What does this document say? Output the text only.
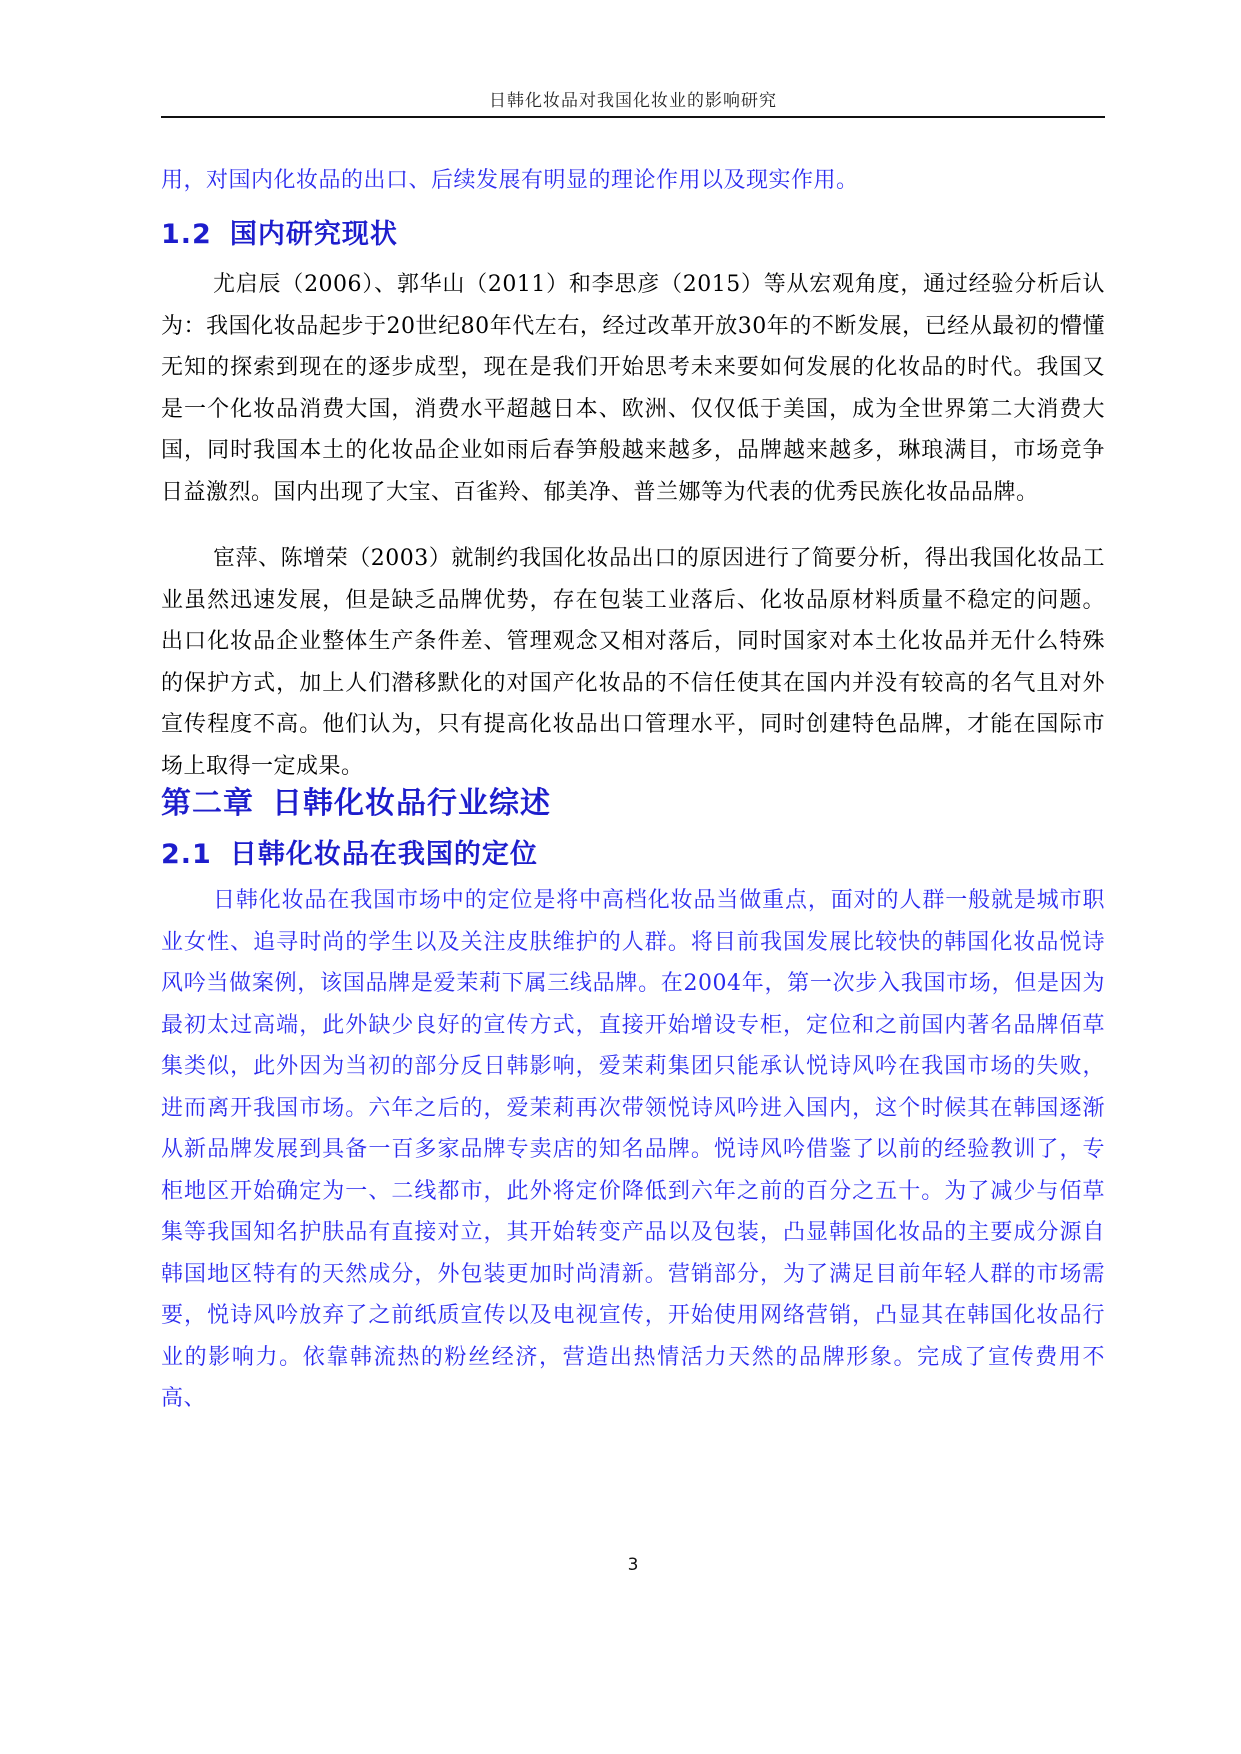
日韩化妆品对我国化妆业的影响研究

用，对国内化妆品的出口、后续发展有明显的理论作用以及现实作用。

1.2 国内研究现状

尤启辰（2006）、郭华山（2011）和李思彦（2015）等从宏观角度，通过经验分析后认为：我国化妆品起步于20世纪80年代左右，经过改革开放30年的不断发展，已经从最初的懵懂无知的探索到现在的逐步成型，现在是我们开始思考未来要如何发展的化妆品的时代。我国又是一个化妆品消费大国，消费水平超越日本、欧洲、仅仅低于美国，成为全世界第二大消费大国，同时我国本土的化妆品企业如雨后春笋般越来越多，品牌越来越多，琳琅满目，市场竞争日益激烈。国内出现了大宝、百雀羚、郁美净、普兰娜等为代表的优秀民族化妆品品牌。

宦萍、陈增荣（2003）就制约我国化妆品出口的原因进行了简要分析，得出我国化妆品工业虽然迅速发展，但是缺乏品牌优势，存在包装工业落后、化妆品原材料质量不稳定的问题。出口化妆品企业整体生产条件差、管理观念又相对落后，同时国家对本土化妆品并无什么特殊的保护方式，加上人们潜移默化的对国产化妆品的不信任使其在国内并没有较高的名气且对外宣传程度不高。他们认为，只有提高化妆品出口管理水平，同时创建特色品牌，才能在国际市场上取得一定成果。

第二章 日韩化妆品行业综述
2.1 日韩化妆品在我国的定位

日韩化妆品在我国市场中的定位是将中高档化妆品当做重点，面对的人群一般就是城市职业女性、追寻时尚的学生以及关注皮肤维护的人群。将目前我国发展比较快的韩国化妆品悦诗风吟当做案例，该国品牌是爱茉莉下属三线品牌。在2004年，第一次步入我国市场，但是因为最初太过高端，此外缺少良好的宣传方式，直接开始增设专柜，定位和之前国内著名品牌佰草集类似，此外因为当初的部分反日韩影响，爱茉莉集团只能承认悦诗风吟在我国市场的失败，进而离开我国市场。六年之后的，爱茉莉再次带领悦诗风吟进入国内，这个时候其在韩国逐渐从新品牌发展到具备一百多家品牌专卖店的知名品牌。悦诗风吟借鉴了以前的经验教训了，专柜地区开始确定为一、二线都市，此外将定价降低到六年之前的百分之五十。为了减少与佰草集等我国知名护肤品有直接对立，其开始转变产品以及包装，凸显韩国化妆品的主要成分源自韩国地区特有的天然成分，外包装更加时尚清新。营销部分，为了满足目前年轻人群的市场需要，悦诗风吟放弃了之前纸质宣传以及电视宣传，开始使用网络营销，凸显其在韩国化妆品行业的影响力。依靠韩流热的粉丝经济，营造出热情活力天然的品牌形象。完成了宣传费用不高、

3
